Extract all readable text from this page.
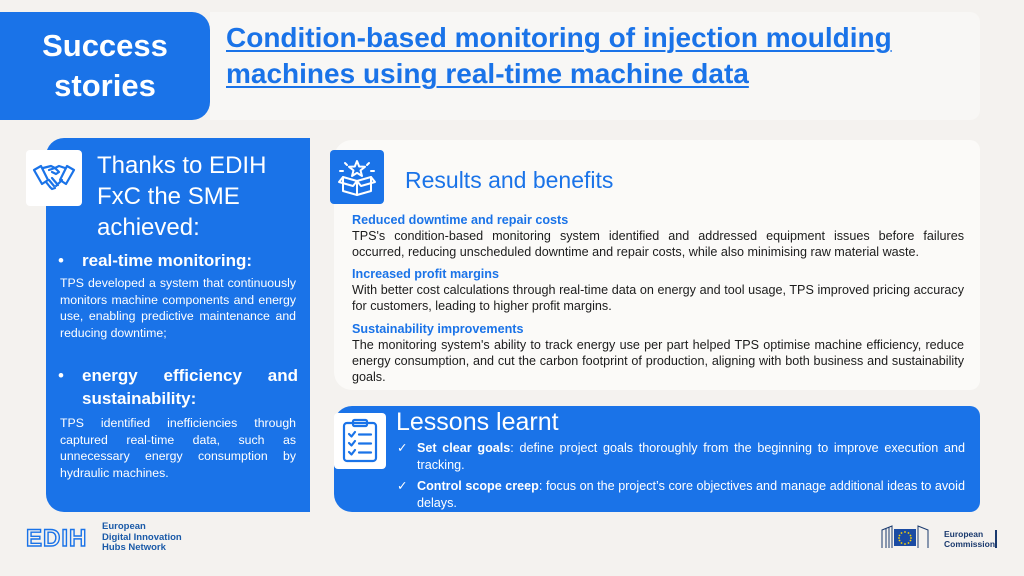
Success
stories
Condition-based monitoring of injection moulding machines using real-time machine data
Thanks to EDIH FxC the SME achieved:
• real-time monitoring:
TPS developed a system that continuously monitors machine components and energy use, enabling predictive maintenance and reducing downtime;
• energy efficiency and
sustainability:
TPS identified inefficiencies through captured real-time data, such as unnecessary energy consumption by hydraulic machines.
Results and benefits
Reduced downtime and repair costs
TPS's condition-based monitoring system identified and addressed equipment issues before failures occurred, reducing unscheduled downtime and repair costs, while also minimising raw material waste.
Increased profit margins
With better cost calculations through real-time data on energy and tool usage, TPS improved pricing accuracy for customers, leading to higher profit margins.
Sustainability improvements
The monitoring system's ability to track energy use per part helped TPS optimise machine efficiency, reduce energy consumption, and cut the carbon footprint of production, aligning with both business and sustainability goals.
Lessons learnt
✓ Set clear goals: define project goals thoroughly from the beginning to improve execution and tracking.
✓ Control scope creep: focus on the project’s core objectives and manage additional ideas to avoid delays.
EDIH European
Digital Innovation
Hubs Network
European
Commission
